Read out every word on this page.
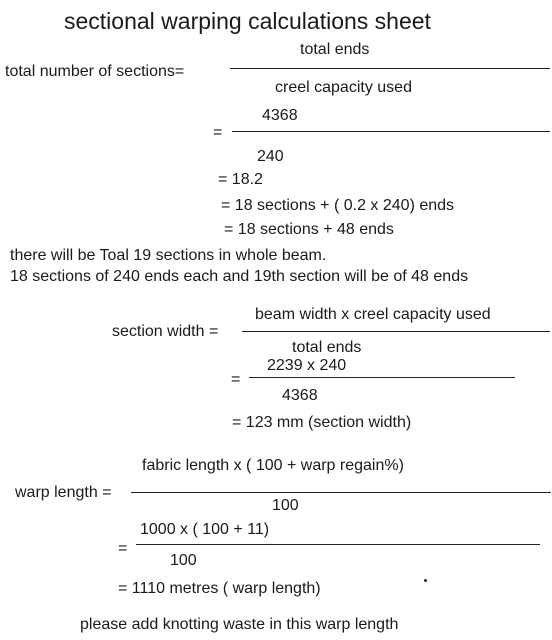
sectional warping calculations sheet
total ends
total number of sections=
creel capacity used
4368
=
240
= 18.2
= 18 sections + ( 0.2 x 240) ends
= 18 sections + 48 ends
there will be Toal 19 sections in whole beam.
18 sections of 240 ends each and 19th section will be of 48 ends
beam width x creel capacity used
section width =
total ends
2239 x 240
=
4368
= 123 mm (section width)
fabric length x ( 100 + warp regain%)
warp length =
100
1000 x ( 100 + 11)
=
100
= 1110 metres ( warp length)
please add knotting waste in this warp length
